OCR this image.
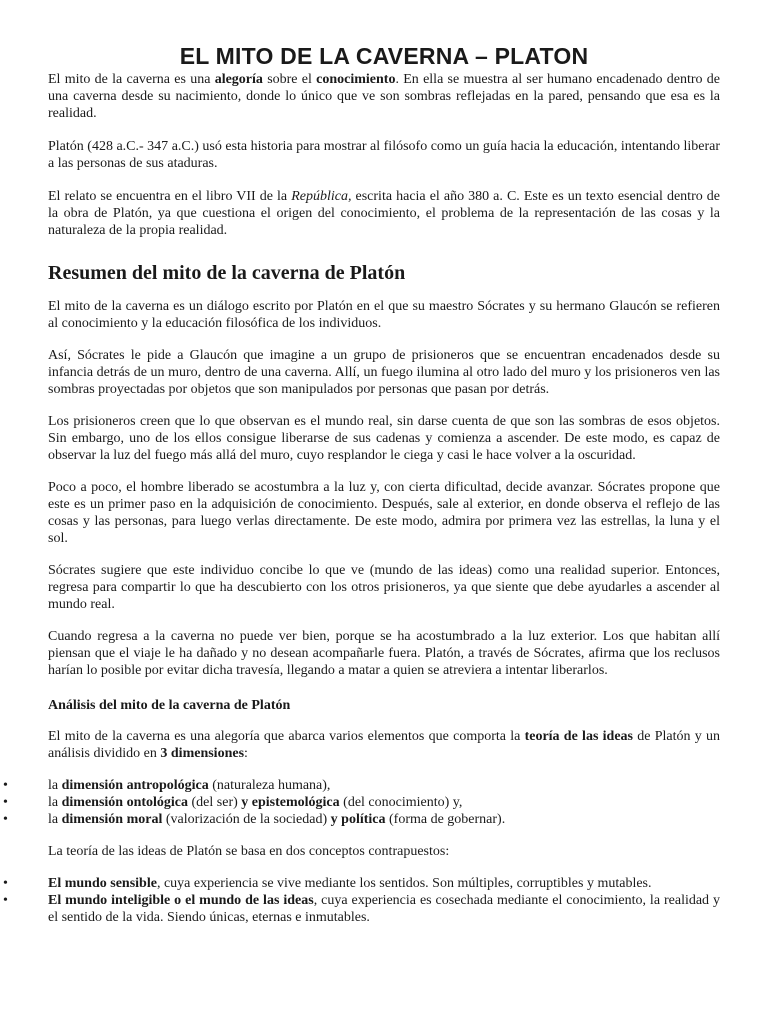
EL MITO DE LA CAVERNA – PLATON

El mito de la caverna es una alegoría sobre el conocimiento. En ella se muestra al ser humano encadenado dentro de una caverna desde su nacimiento, donde lo único que ve son sombras reflejadas en la pared, pensando que esa es la realidad.

Platón (428 a.C.- 347 a.C.) usó esta historia para mostrar al filósofo como un guía hacia la educación, intentando liberar a las personas de sus ataduras.

El relato se encuentra en el libro VII de la República, escrita hacia el año 380 a. C. Este es un texto esencial dentro de la obra de Platón, ya que cuestiona el origen del conocimiento, el problema de la representación de las cosas y la naturaleza de la propia realidad.

Resumen del mito de la caverna de Platón

El mito de la caverna es un diálogo escrito por Platón en el que su maestro Sócrates y su hermano Glaucón se refieren al conocimiento y la educación filosófica de los individuos.

Así, Sócrates le pide a Glaucón que imagine a un grupo de prisioneros que se encuentran encadenados desde su infancia detrás de un muro, dentro de una caverna. Allí, un fuego ilumina al otro lado del muro y los prisioneros ven las sombras proyectadas por objetos que son manipulados por personas que pasan por detrás.

Los prisioneros creen que lo que observan es el mundo real, sin darse cuenta de que son las sombras de esos objetos. Sin embargo, uno de los ellos consigue liberarse de sus cadenas y comienza a ascender. De este modo, es capaz de observar la luz del fuego más allá del muro, cuyo resplandor le ciega y casi le hace volver a la oscuridad.

Poco a poco, el hombre liberado se acostumbra a la luz y, con cierta dificultad, decide avanzar. Sócrates propone que este es un primer paso en la adquisición de conocimiento. Después, sale al exterior, en donde observa el reflejo de las cosas y las personas, para luego verlas directamente. De este modo, admira por primera vez las estrellas, la luna y el sol.

Sócrates sugiere que este individuo concibe lo que ve (mundo de las ideas) como una realidad superior. Entonces, regresa para compartir lo que ha descubierto con los otros prisioneros, ya que siente que debe ayudarles a ascender al mundo real.

Cuando regresa a la caverna no puede ver bien, porque se ha acostumbrado a la luz exterior. Los que habitan allí piensan que el viaje le ha dañado y no desean acompañarle fuera. Platón, a través de Sócrates, afirma que los reclusos harían lo posible por evitar dicha travesía, llegando a matar a quien se atreviera a intentar liberarlos.

Análisis del mito de la caverna de Platón

El mito de la caverna es una alegoría que abarca varios elementos que comporta la teoría de las ideas de Platón y un análisis dividido en 3 dimensiones:

•	la dimensión antropológica (naturaleza humana),
•	la dimensión ontológica (del ser) y epistemológica (del conocimiento) y,
•	la dimensión moral (valorización de la sociedad) y política (forma de gobernar).

La teoría de las ideas de Platón se basa en dos conceptos contrapuestos:

•	El mundo sensible, cuya experiencia se vive mediante los sentidos. Son múltiples, corruptibles y mutables.
•	El mundo inteligible o el mundo de las ideas, cuya experiencia es cosechada mediante el conocimiento, la realidad y el sentido de la vida. Siendo únicas, eternas e inmutables.
